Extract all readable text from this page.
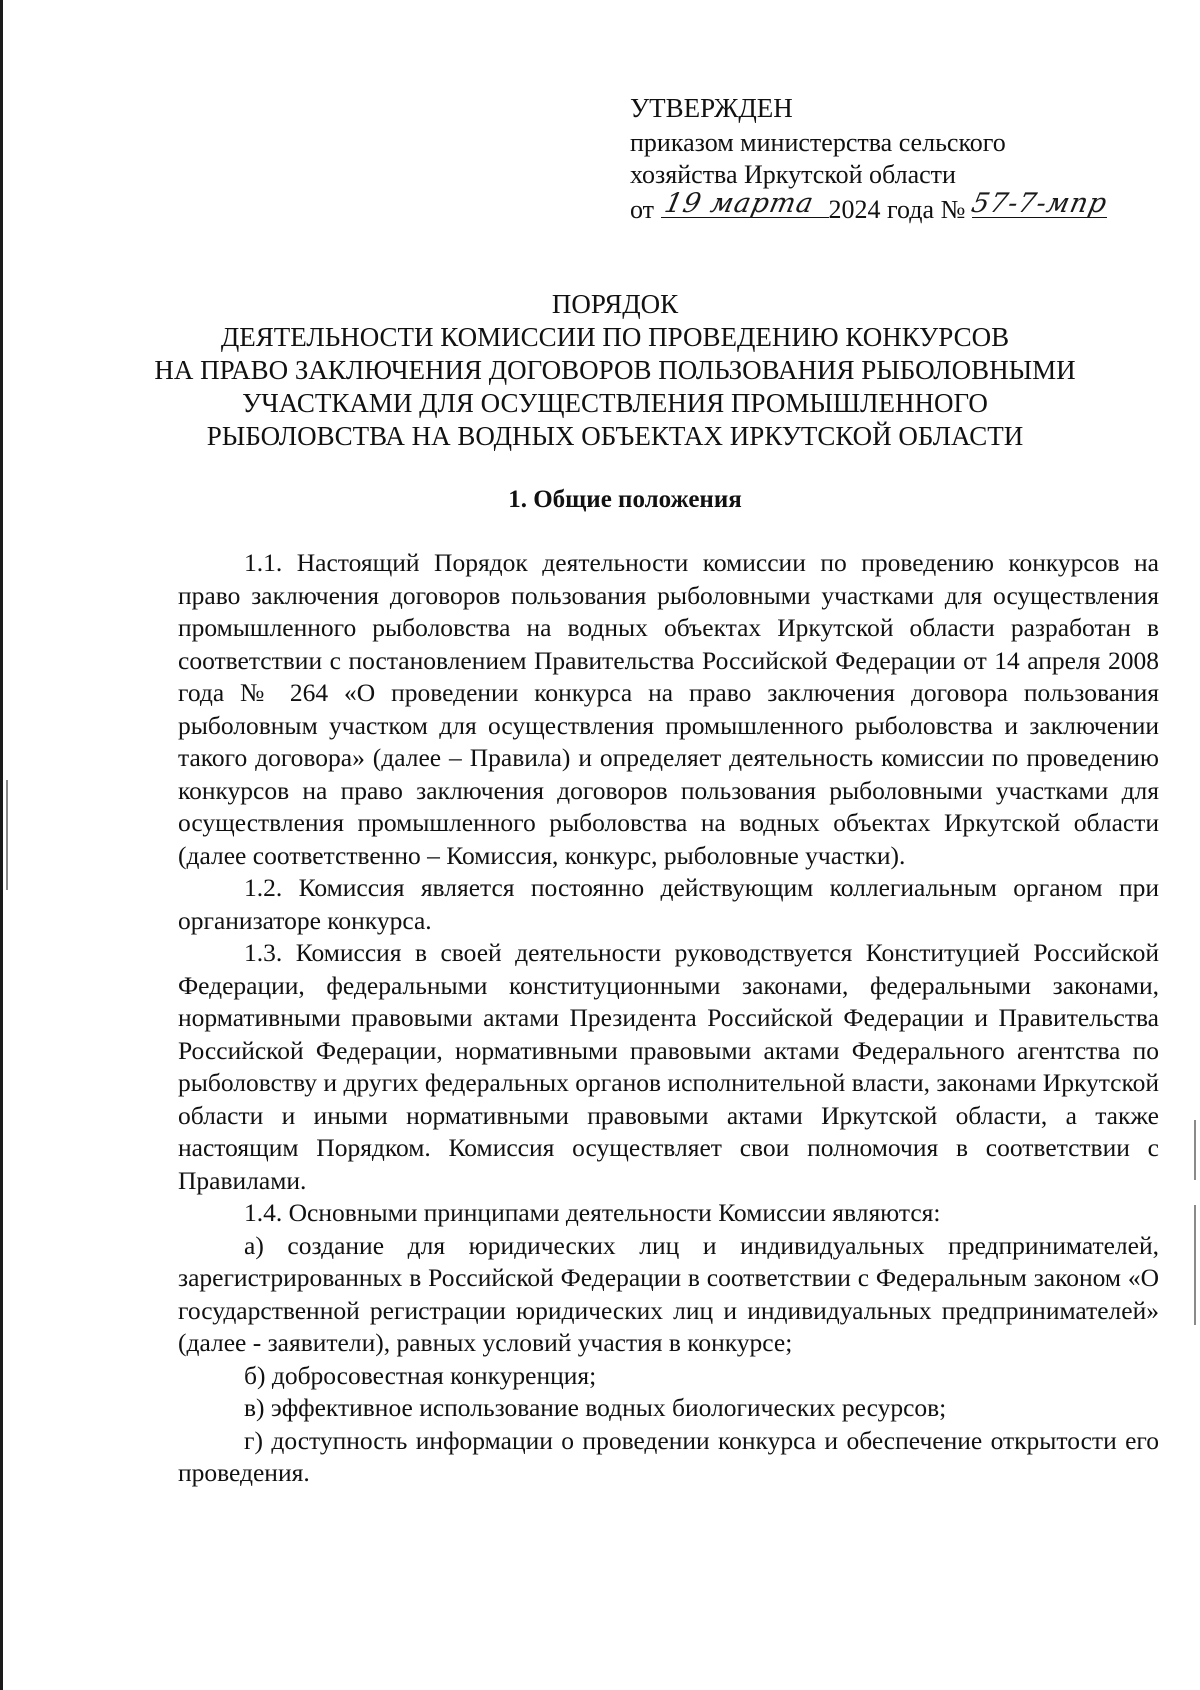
УТВЕРЖДЕН
приказом министерства сельского
хозяйства Иркутской области
от 19 марта 2024 года № 57-7-мпр
ПОРЯДОК
ДЕЯТЕЛЬНОСТИ КОМИССИИ ПО ПРОВЕДЕНИЮ КОНКУРСОВ
НА ПРАВО ЗАКЛЮЧЕНИЯ ДОГОВОРОВ ПОЛЬЗОВАНИЯ РЫБОЛОВНЫМИ
УЧАСТКАМИ ДЛЯ ОСУЩЕСТВЛЕНИЯ ПРОМЫШЛЕННОГО
РЫБОЛОВСТВА НА ВОДНЫХ ОБЪЕКТАХ ИРКУТСКОЙ ОБЛАСТИ
1. Общие положения

1.1. Настоящий Порядок деятельности комиссии по проведению конкурсов на право заключения договоров пользования рыболовными участками для осуществления промышленного рыболовства на водных объектах Иркутской области разработан в соответствии с постановлением Правительства Российской Федерации от 14 апреля 2008 года № 264 «О проведении конкурса на право заключения договора пользования рыболовным участком для осуществления промышленного рыболовства и заключении такого договора» (далее – Правила) и определяет деятельность комиссии по проведению конкурсов на право заключения договоров пользования рыболовными участками для осуществления промышленного рыболовства на водных объектах Иркутской области (далее соответственно – Комиссия, конкурс, рыболовные участки).

1.2. Комиссия является постоянно действующим коллегиальным органом при организаторе конкурса.

1.3. Комиссия в своей деятельности руководствуется Конституцией Российской Федерации, федеральными конституционными законами, федеральными законами, нормативными правовыми актами Президента Российской Федерации и Правительства Российской Федерации, нормативными правовыми актами Федерального агентства по рыболовству и других федеральных органов исполнительной власти, законами Иркутской области и иными нормативными правовыми актами Иркутской области, а также настоящим Порядком. Комиссия осуществляет свои полномочия в соответствии с Правилами.

1.4. Основными принципами деятельности Комиссии являются:

а) создание для юридических лиц и индивидуальных предпринимателей, зарегистрированных в Российской Федерации в соответствии с Федеральным законом «О государственной регистрации юридических лиц и индивидуальных предпринимателей» (далее - заявители), равных условий участия в конкурсе;

б) добросовестная конкуренция;

в) эффективное использование водных биологических ресурсов;

г) доступность информации о проведении конкурса и обеспечение открытости его проведения.
